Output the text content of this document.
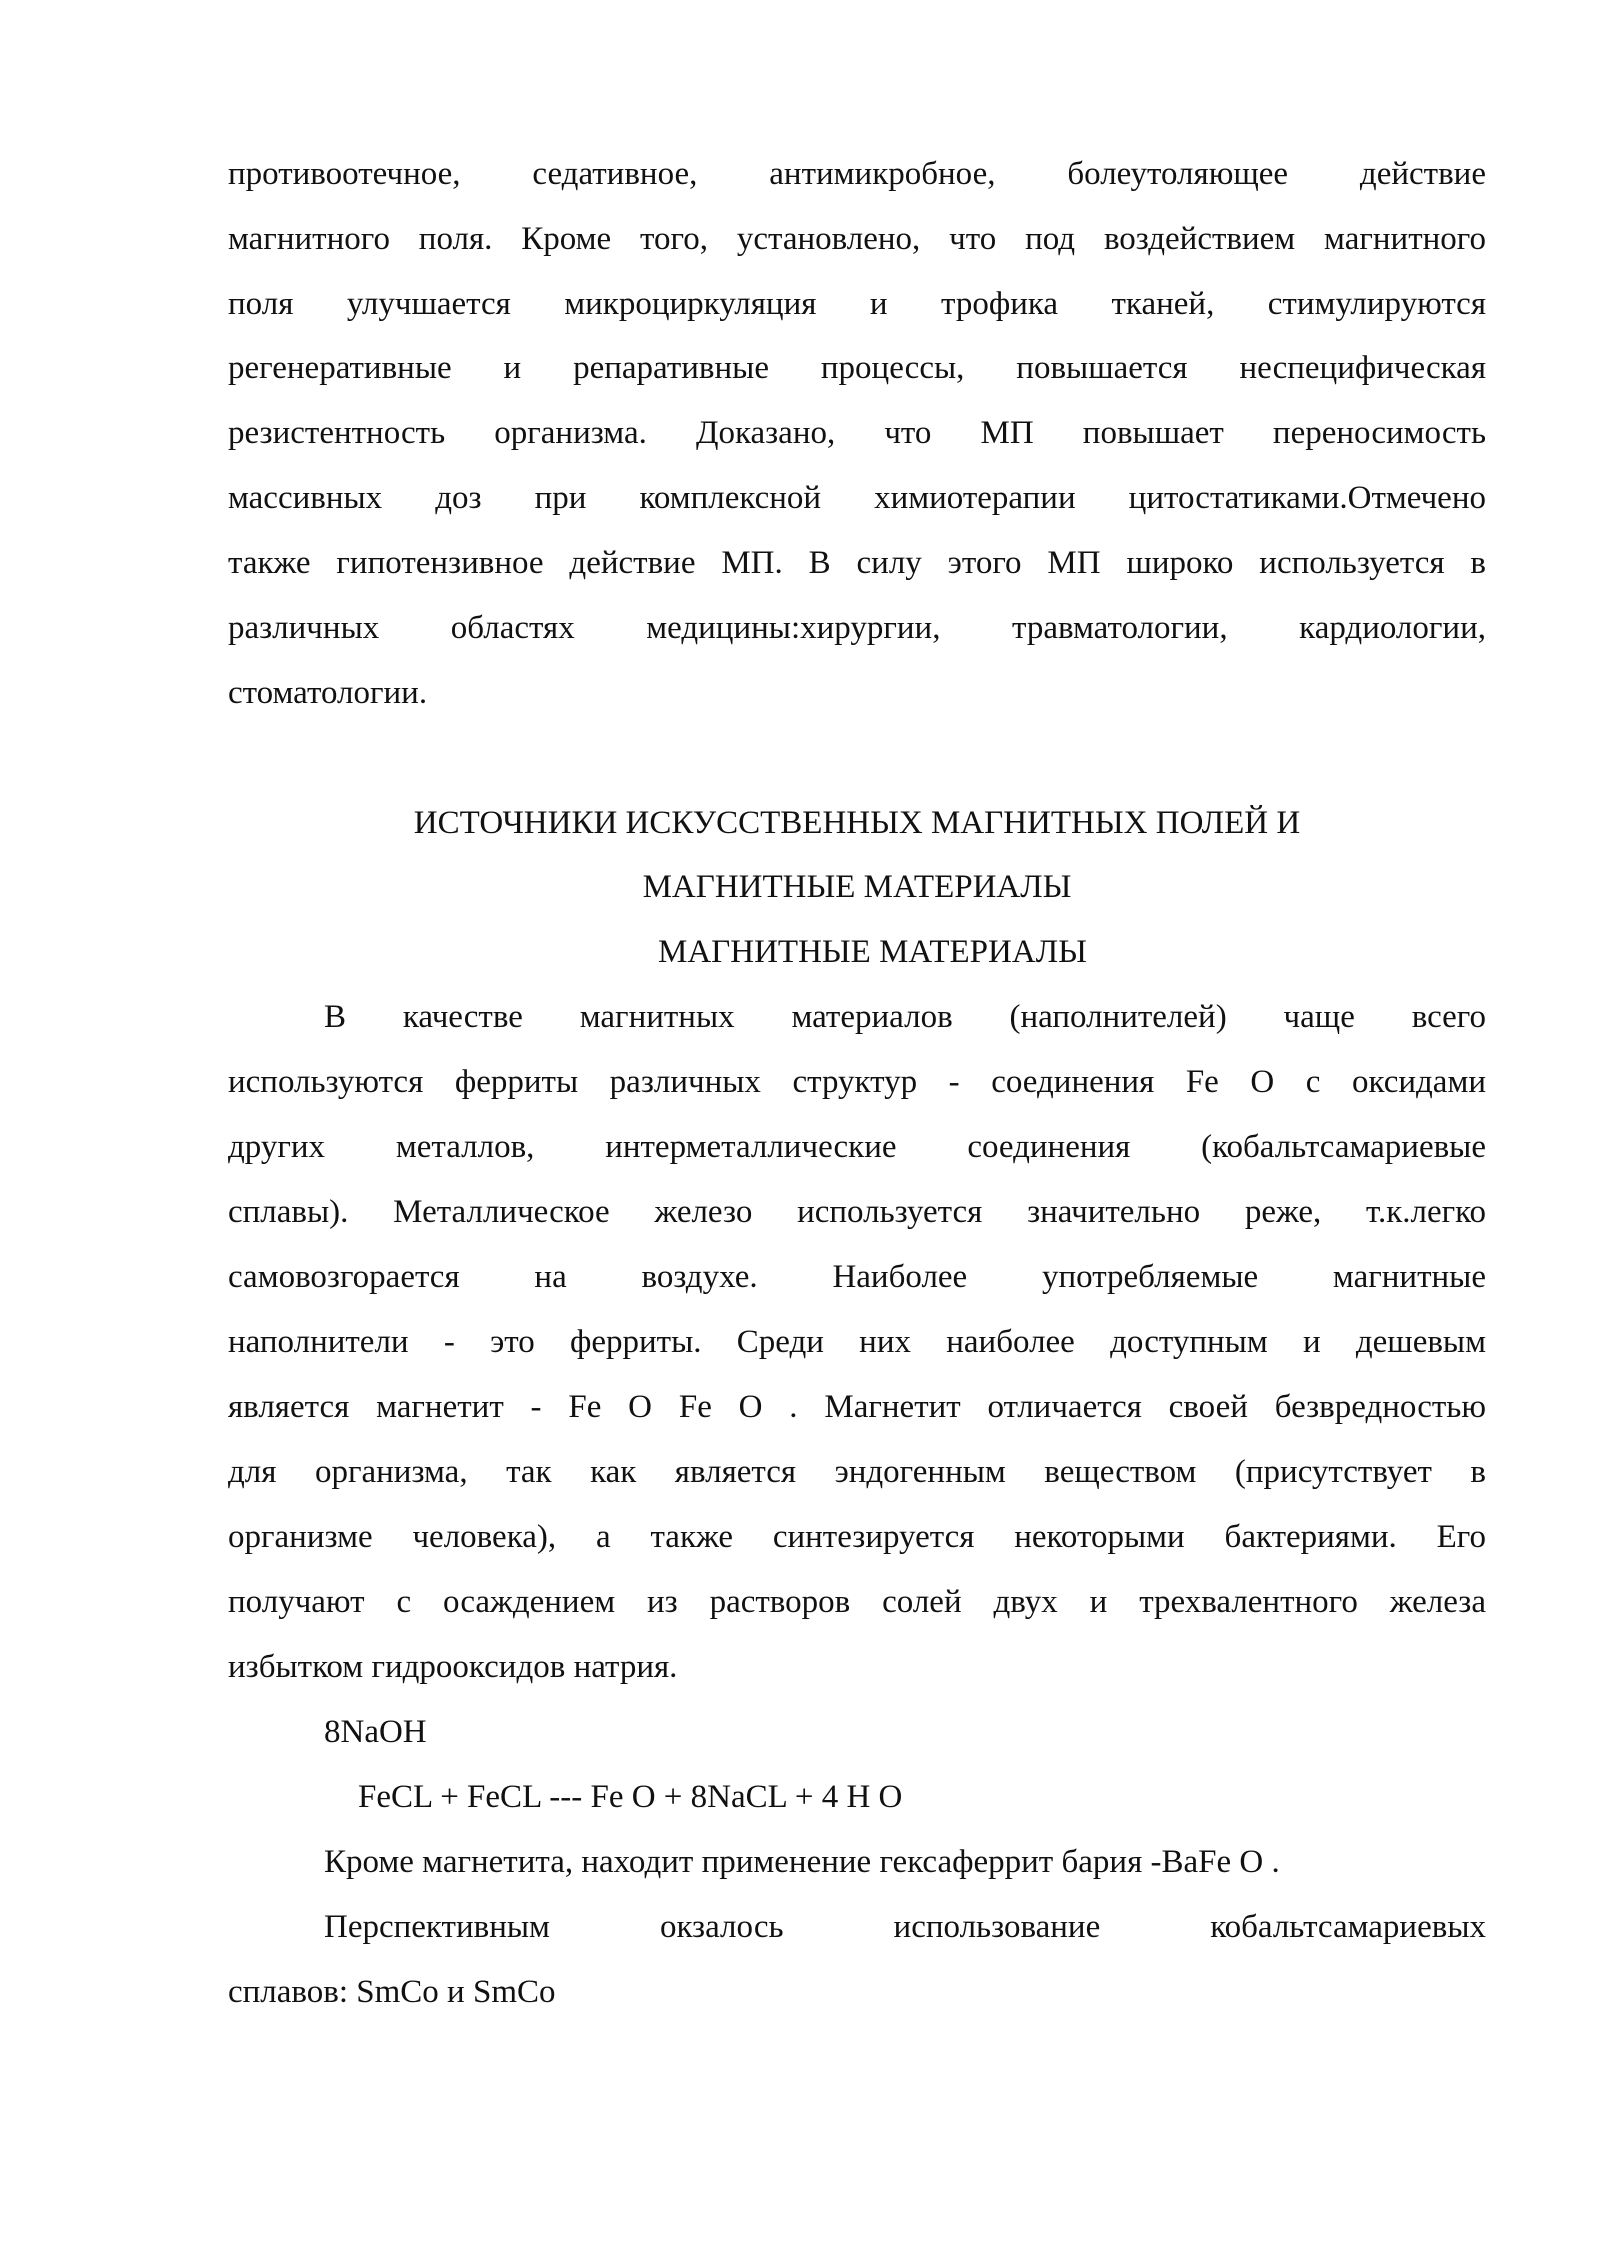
противоотечное, седативное, антимикробное, болеутоляющее действие
магнитного поля. Кроме того, установлено, что под воздействием магнитного
поля улучшается микроциркуляция и трофика тканей, стимулируются
регенеративные и репаративные процессы, повышается неспецифическая
резистентность организма. Доказано, что МП повышает переносимость
массивных доз при комплексной химиотерапии цитостатиками.Отмечено
также гипотензивное действие МП. В силу этого МП широко используется в
различных областях медицины:хирургии, травматологии, кардиологии,
стоматологии.
ИСТОЧНИКИ ИСКУССТВЕННЫХ МАГНИТНЫХ ПОЛЕЙ И
МАГНИТНЫЕ МАТЕРИАЛЫ
МАГНИТНЫЕ МАТЕРИАЛЫ
В качестве магнитных материалов (наполнителей) чаще всего
используются ферриты различных структур - соединения Fe O с оксидами
других металлов, интерметаллические соединения (кобальтсамариевые
сплавы). Металлическое железо используется значительно реже, т.к.легко
самовозгорается на воздухе. Наиболее употребляемые магнитные
наполнители - это ферриты. Среди них наиболее доступным и дешевым
является магнетит - Fe O Fe O . Магнетит отличается своей безвредностью
для организма, так как является эндогенным веществом (присутствует в
организме человека), а также синтезируется некоторыми бактериями. Его
получают с осаждением из растворов солей двух и трехвалентного железа
избытком гидрооксидов натрия.
8NaOH
FeCL + FeCL --- Fe O + 8NaCL + 4 H O
Кроме магнетита, находит применение гексаферрит бария -BaFe O .
Перспективным окзалось использование кобальтсамариевых
сплавов: SmCo и SmCo
